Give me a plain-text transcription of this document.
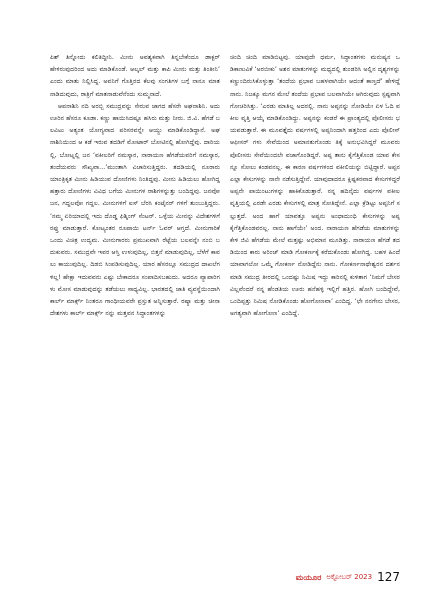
ಪಿಶ್ ತಿನ್ನೋದು ಕಲಿತಿದ್ದೀನಿ. ಮೀನು ಅವಶ್ಯಕವಾಗಿ ತಿನ್ನಬೇಕೆಂದೂ ಡಾಕ್ಟರ್ ಹೇಳಿರುವುದರಿಂದ ಅದು ಮಾಡಿಕೊಂಡೆ. ಆಲ್ಕಲ್ ಮತ್ತು ಕಾಪಿ ಮೀನು ಮತ್ತು ತಿಂತೀನಿ’ ಎಂದು ಮಾತು ನಿಲ್ಲಿಸಿದ್ದ. ಅವನಿಗೆ ಗೊತ್ತಿರದ ಕೆಲವು ಸಂಗತಿಗಳ ಬಗ್ಗೆ ನಾನೂ ಮಾತನಾಡಿದುವುದು, ರಾತ್ರಿಗೆ ಮಾತನಾಡುವೆನೆಂದು ಸುಮ್ಮನಾದೆ.

ಆಪನಾಶಿನಿ ನದಿ ಅರಬ್ಬಿ ಸಮುದ್ರವನ್ನು ಸೇರುವ ಜಾಗದ ಹೆಸರೇ ಅಘನಾಶಿನಿ. ಅದು ಊರಿನ ಹೆಸರೂ ಕೂಡಾ. ಕಣ್ಣು ಹಾಯಿಸಿದಷ್ಟೂ ಹಸಿರು ಮತ್ತು ನೀರು. ಜಿ.ವಿ. ಹೆಗಡೆ ಬಲವಿಟು ಅತ್ಯಂತ ಯೋಗ್ಯವಾದ ಪರಿಸರವನ್ನೇ ಆಯ್ದು ಮಾಡಿಕೊಂಡಿದ್ದಾನೆ. ಅಘನಾಶಿನಿಯಿಂದ ಆ ಕಡೆ ಇರುವ ತದಡಿಗೆ ಮೋಟಾರ್ ಬೋಟಿನಲ್ಲಿ ಹೋಗಿದ್ದೆವು. ದಾರಿಯಲ್ಲಿ, ಬೋಟ್ನಲ್ಲಿ ಜನ ‘ವಕೀಲರಿಗೆ ನಮಸ್ಕಾರ, ನಾರಾಯಣ ಹೆಗಡೆಯವರಿಗೆ ನಮಸ್ಕಾರ, ತಂದೆಯವರು ಸೌಖ್ಯವಾ...’ಮುಂತಾಗಿ ವಿಚಾರಿಸುತ್ತಿದ್ದರು. ತದಡಿಯಲ್ಲಿ ನೂರಾರು ಯಾಂತ್ರಿಕೃತ ಮೀನು ಹಿಡಿಯುವ ದೋಣಿಗಳು ನಿಂತಿದ್ದವು. ಮೀನು ಹಿಡಿಯಲು ಹೋಗಿದ್ದ ಹತ್ತಾರು ದೋಣಿಗಳು ವಿವಿಧ ಬಗೆಯ ಮೀನುಗಳ ರಾಶಿಗಳನ್ನುತ್ತು ಬಂದಿದ್ದವು. ಜನವೋ ಜನ, ಗದ್ದಲವೋ ಗದ್ದಲ. ಮೀನುಗಳಿಗೆ ಐಸ್ ಬೆರಸಿ ಕಂಟೈನರ್ ಗಳಿಗೆ ತುಂಬುತ್ತಿದ್ದರು. ‘ನಮ್ಮ ಏರಿಯಾದಲ್ಲಿ ಇದು ದೊಡ್ಡ ಫಿಶ್ಶಿಂಗ್ ಸೆಂಟರ್. ಒಳ್ಳೆಯ ಮೀನನ್ನು ವಿದೇಶಗಳಿಗೆ ರಫ್ತು ಮಾಡುತ್ತಾರೆ. ಕೋಟ್ಯಂತರ ರೂಪಾಯಿ ಟರ್ನ್ ಓವರ್ ಆಗ್ತದೆ. ಮೀನುಗಾರಿಕೆ ಒಂದು ವಿಚಿತ್ರ ಉದ್ಯಮ. ಮೀನುಗಾರರು ಪ್ರಮುಖವಾಗಿ ರೆಟ್ಟೆಯ ಬಲವನ್ನೇ ನಂಬಿ ಬದುಕುವರು. ಸಮುದ್ರವೇ ಇವರ ಆಸ್ತಿ ಉಳುವುದಿಲ್ಲ, ಬಿತ್ತನೆ ಮಾಡುವುದಿಲ್ಲ, ಬೆಳೆಗೆ ಕಾವಲು ಕಾಯುವುದಿಲ್ಲ. ದಿಡಬಿ ಸಿಂಪಡಿಸುವುದಿಲ್ಲ. ಯಾರ ಹೆಸರಲ್ಲೂ ಸಮುದ್ರದ ದಾಖಲೆಗಳಿಲ್ಲ! ಹೇಕ್ಷಾ ಇದುವವನು ಎಷ್ಟು ಬೇಕಾದರೂ ಸಂಪಾದಿಸಬಹುದು. ಅದರೂ ವ್ಯಾಪಾರಿಗಳು ಮೋಸ ಮಾಡುವುದನ್ನು ತಡೆಯಲು ಸಾಧ್ಯವಿಲ್ಲ. ಭಾರತದಲ್ಲಿ ಜಾತಿ ವ್ಯವಸ್ಥೆಯಿಂದಾಗಿ ಕಾರ್ಲ್ ಮಾರ್ಕ್ಸ್ ನಿಂತರೂ ಗಾಂಧೀಯವರೇ ಪ್ರಸ್ತುತ ಅನ್ನಿಸುತ್ತಾರೆ. ರಷ್ಯಾ ಮತ್ತು ಚೀನಾ ದೇಶಗಳು ಕಾರ್ಲ್ ಮಾರ್ಕ್ಸ್ ನನ್ನು ಮತ್ತವನ ಸಿದ್ಧಾಂತಗಳನ್ನು

ಚಿಂದಿ ಚಿಂದಿ ಮಾಡಿಬಿಟ್ಟವು. ಯಾವುದೇ ಧರ್ಮ, ಸಿದ್ಧಾಂತಗಳು ಮನುಷ್ಯನ ಒಡಿಕಾಣುವಿಕೆ ‘ಅರಬೀಕು’ ಅಶನ ಮಾತುಗಳನ್ನು ಮಧ್ಯದಲ್ಲಿ ತುಂಡರಿಸಿ ಅಲ್ಲಿನ ದೃಶ್ಯಗಳನ್ನು ಕಣ್ಣುಂದಿರುಸಿಕೊಳ್ಳುತ್ತಾ ‘ತಂದೆಯ ಪ್ರಭಾವ ಬಹಳವಾಗಿಯೇ ಆದಂತೆ ಕಾಣ್ತದೆ’ ಹೇಳಿದ್ದೆ ನಾನು. ನಿಜಕ್ಕೂ ಮಗನ ಮೇಲೆ ತಂದೆಯ ಪ್ರಭಾವ ಬಲವಾಗಿಯೇ ಆಗಿರುವುದು ಸ್ಪಷ್ಟವಾಗಿ ಗೋಚರಿಸಿತ್ತು. ‘ಎರಡು ಮಾತಿಲ್ಲ ಅದರಲ್ಲಿ. ನಾನು ಅಪ್ಪನನ್ನು ನೋಡಿಯೇ ಏಳ ಓದಿ ವಕೀಲ ವೃತ್ತಿ ಆಯ್ಕೆ ಮಾಡಿಕೊಂಡಿದ್ದು. ಅಪ್ಪನನ್ನು ಕಂಡರೆ ಈ ಪ್ರಾಂತ್ಯದಲ್ಲಿ ಪೊಲೀಸರು ಭಯಪಡುತ್ತಾರೆ. ಈ ಮೂವತ್ತೈದು ವರ್ಷಗಳಲ್ಲಿ ಅಪ್ಪನಿಂದಾಗಿ ಹತ್ತರಿಂದ ಎದು ಪೊಲೀಸ್ ಆಫೀಸರ್ ಗಳು ಸೇವೆಯಿಂದ ಅಮಾನತುಗೊಂಡು ತಿಕ್ಕೆ ಅನುಭವಿಸಿದ್ದರೆ ಮೂವರು ಪೊಲೀಸರು ಸೇವೆಯಿಂದಲೇ ವಜಾಗೊಂಡಿದ್ದರೆ. ಅಪ್ಪ ತಾನು ಕೈಗೆತ್ತಿಕೊಂಡ ಯಾವ ಕೇಸನ್ನೂ ಸೋಲು ಕಂಡವನಲ್ಲ. ಈ ಕಾರಣ ವರ್ಷಗಳಿಂದ ವಕೀಲಿಯನ್ನು ಬಿಟ್ಟಿದ್ದಾರೆ. ಅಪ್ಪನ ಎಲ್ಲಾ ಕೇಸುಗಳನ್ನು ನಾನೇ ನಡೆಸುತ್ತಿದ್ದೇನೆ. ಯಾವುದಾದರೂ ಕ್ಲಿಷ್ಟಕರವಾದ ಕೇಸುಗಳಿದ್ದರೆ ಅಪ್ಪನೇ ಪಾಯಿಂಟುಗಳನ್ನು ಹಾಕಿಕೊಡುತ್ತಾರೆ. ನನ್ನ ಹದಿನೈದು ವರ್ಷಗಳ ವಕೀಲ ವೃತ್ತಿಯಲ್ಲಿ ಎರಡೇ ಎರಡು ಕೇಸುಗಳಲ್ಲಿ ಮಾತ್ರ ಸೋತಿದ್ದೇನೆ. ಎಲ್ಲಾ ಕ್ರೆಡಿಟ್ಟು ಅಪ್ಪನಿಗೆ ಸಲ್ಲುತ್ತದೆ. ಅಂದ ಹಾಗೆ ಯಾವತ್ತೂ ಅಪ್ಪನು ಅಂಧಾದುಂಧಿ ಕೇಸುಗಳನ್ನು ಅಪ್ಪ ಕೈಗೆತ್ತಿಕೊಂಡವರಲ್ಲ. ನಾನು ಹಾಗೆಯೇ’ ಅಂದ. ನಾರಾಯಣ ಹೆಗಡೆಯ ಮಾತುಗಳನ್ನು ಕೇಳಿ ಜಿವಿ ಹೆಗಡೆಯ ಮೇಲೆ ಮತ್ತಷ್ಟು ಅಭಿಮಾನ ಮೂಡಿತ್ತು. ನಾರಾಯಣ ಹೆಗಡೆ ತದಡಿಯಿಂದ ಕಾರು ಅರಿಂಜ್ ಮಾಡಿ ಗೋಕರ್ಣಕ್ಕೆ ಕರೆದುಕೊಂಡು ಹೋಗಿದ್ದ. ಬಹಳ ಹಿಂದೆ ಯಾವಾಗಲೋ ಒಮ್ಮೆ ಗೋಕರ್ಣ ನೋಡಿದ್ದೆನು ನಾನು. ಗೋಕರ್ಣನಾಥೇಶ್ವರನ ದರ್ಶನ ಮಾಡಿ ಸಮುದ್ರ ತೀರದಲ್ಲಿ ಒಂದಷ್ಟು ನಿಮಿಷ ಇದ್ದು ಕಾರಿನಲ್ಲಿ ಕುಳಿತಾಗ ‘ನಿಮಗೆ ಬೇಸರವಿಲ್ಲವೆಂದರೆ ನನ್ನ ಹೆಂಡತಿಯ ಊರು ಹನೆಹಳ್ಳಿ ಇಲ್ಲಿಗೆ ಹತ್ತಿರ. ಹೋಗಿ ಬಂದಿದ್ದೇವೆ, ಒಂದಿಪ್ಪತ್ತು ನಿಮಿಷ ನೋಡಿಕೊಂಡು ಹೋಗೋಣವಾ’ ಎಂದಿದ್ದ. ‘ಛೇ ನನಗೇನು ಬೇಸರ, ಅಗತ್ಯವಾಗಿ ಹೋಗೋಣ’ ಎಂದಿದ್ದೆ.

ಮಯೂರ ಅಕ್ಟೋಬರ್ 2023 127
